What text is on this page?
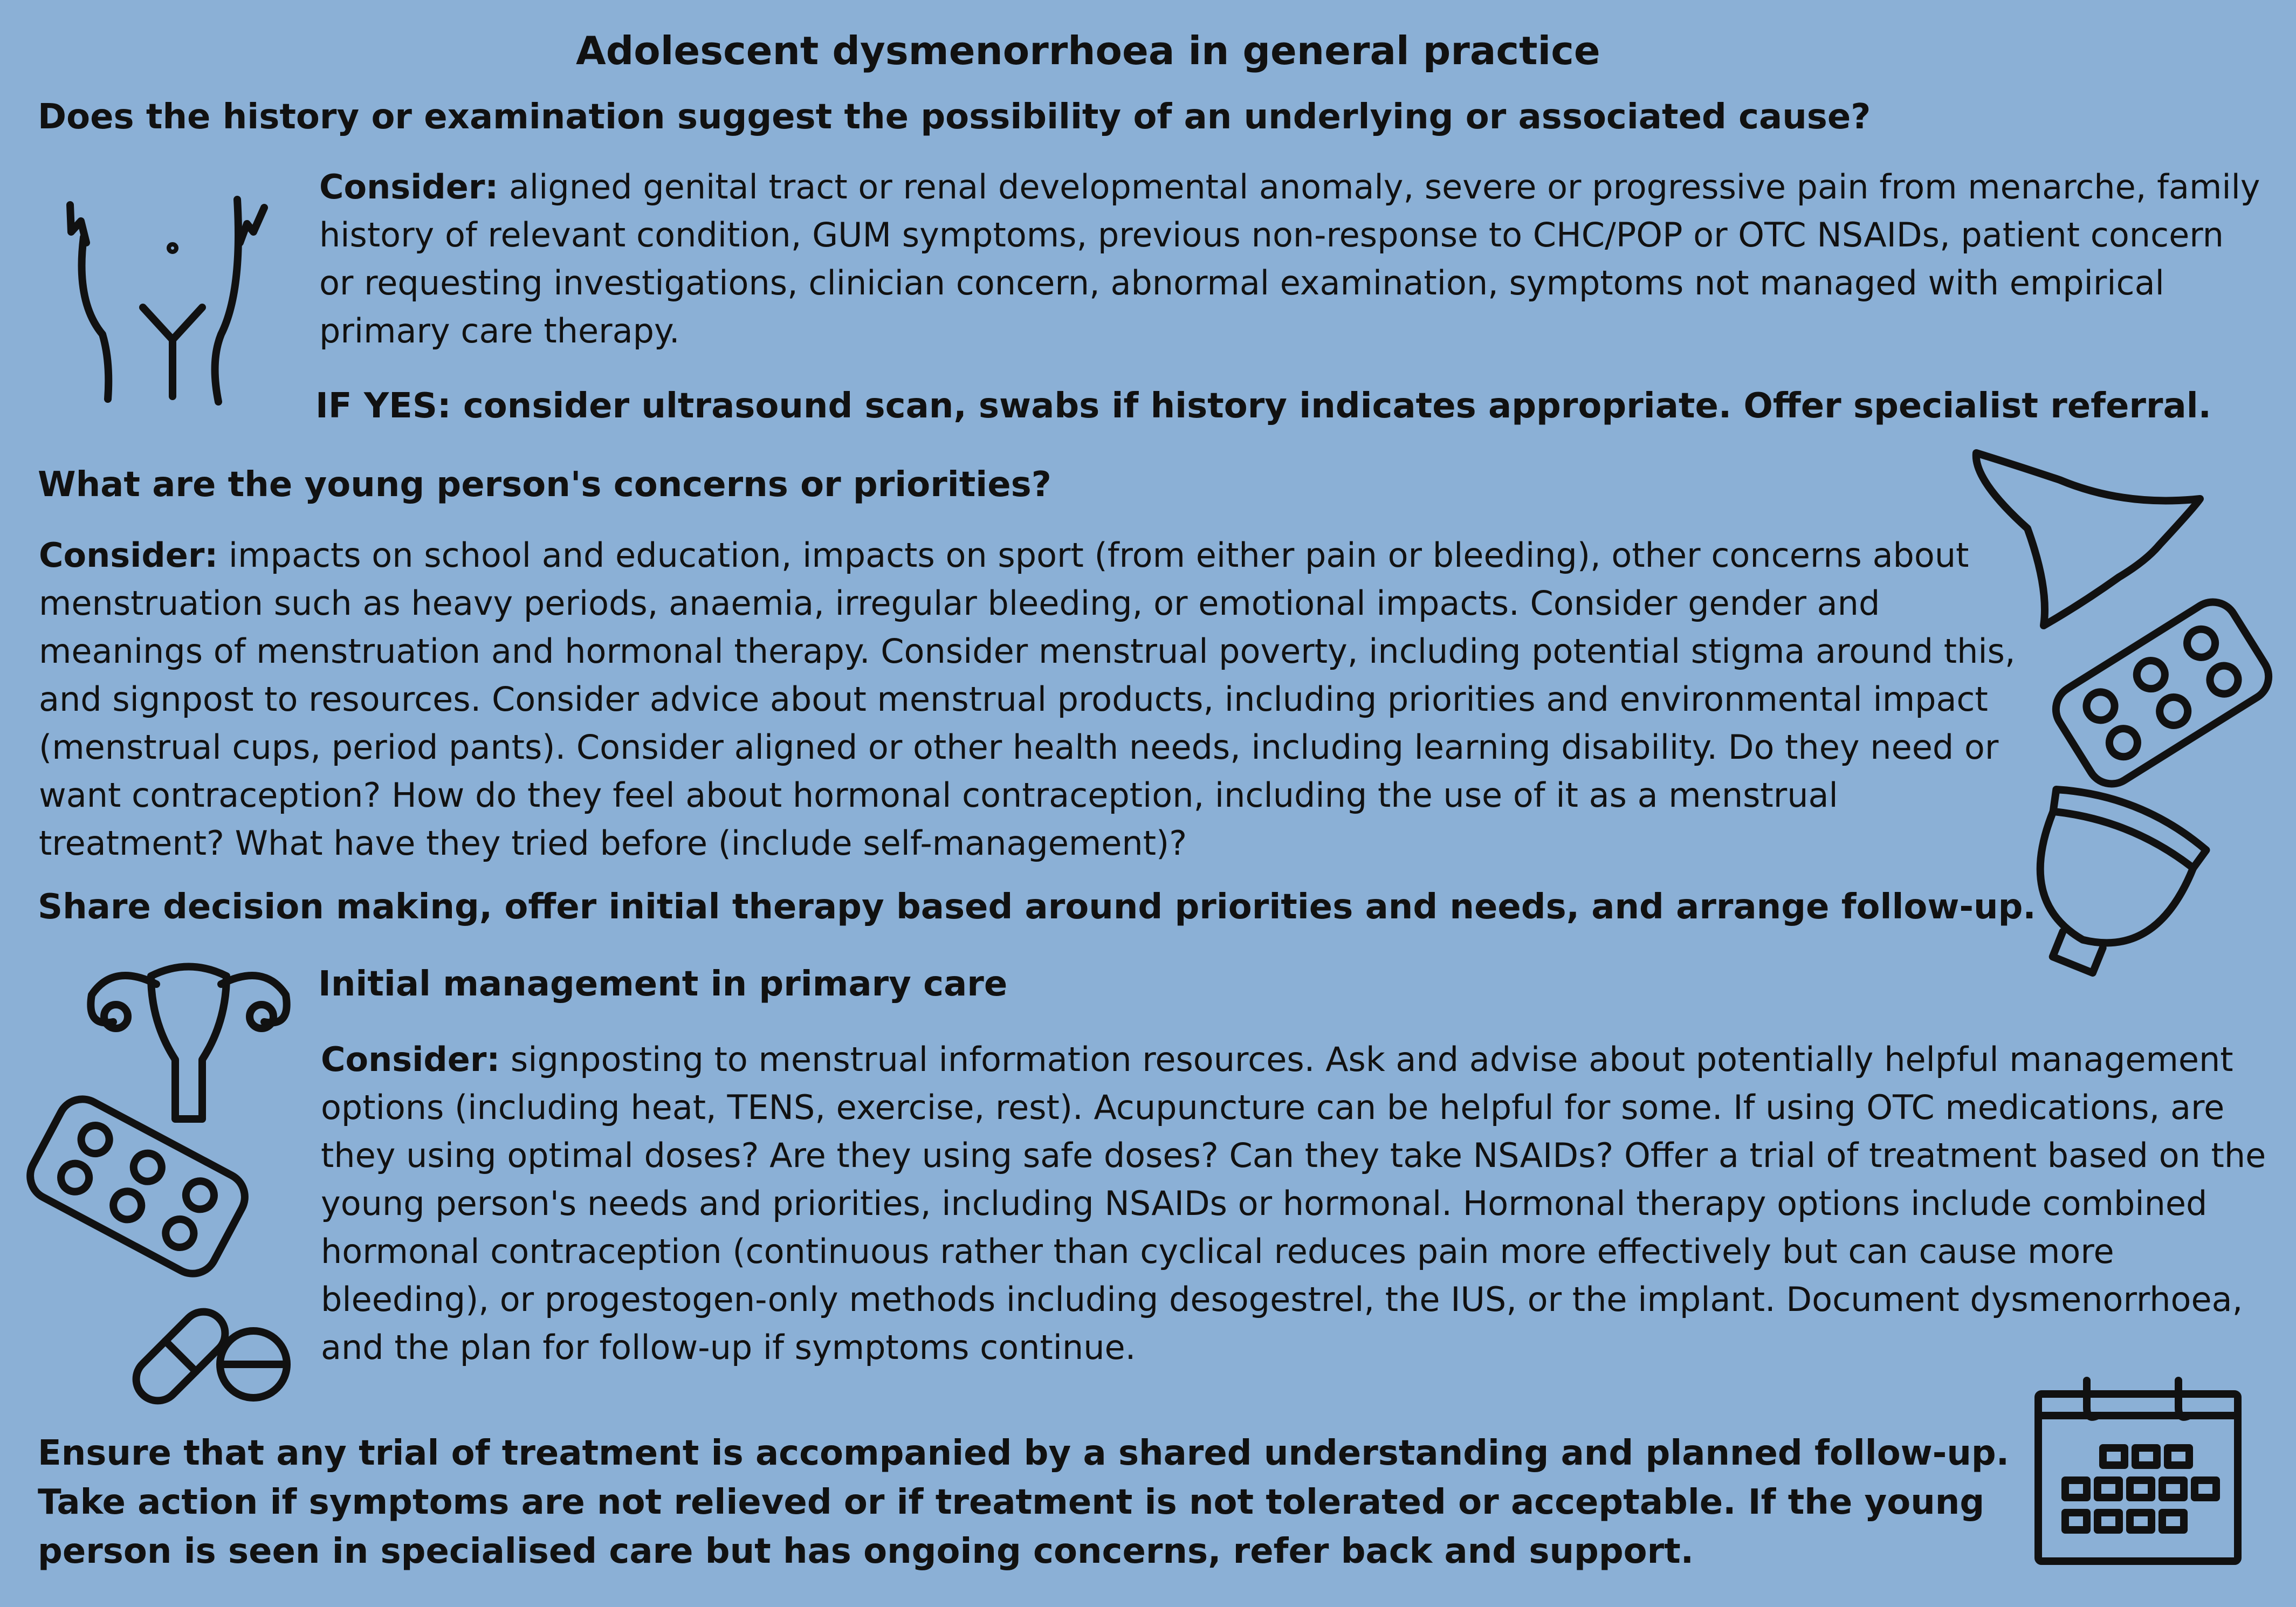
Adolescent dysmenorrhoea in general practice
Does the history or examination suggest the possibility of an underlying or associated cause?
Consider: aligned genital tract or renal developmental anomaly, severe or progressive pain from menarche, family history of relevant condition, GUM symptoms, previous non-response to CHC/POP or OTC NSAIDs, patient concern or requesting investigations, clinician concern, abnormal examination, symptoms not managed with empirical primary care therapy.
IF YES: consider ultrasound scan, swabs if history indicates appropriate. Offer specialist referral.
What are the young person's concerns or priorities?
Consider: impacts on school and education, impacts on sport (from either pain or bleeding), other concerns about menstruation such as heavy periods, anaemia, irregular bleeding, or emotional impacts. Consider gender and meanings of menstruation and hormonal therapy. Consider menstrual poverty, including potential stigma around this, and signpost to resources. Consider advice about menstrual products, including priorities and environmental impact (menstrual cups, period pants). Consider aligned or other health needs, including learning disability. Do they need or want contraception? How do they feel about hormonal contraception, including the use of it as a menstrual treatment? What have they tried before (include self-management)?
Share decision making, offer initial therapy based around priorities and needs, and arrange follow-up.
Initial management in primary care
Consider: signposting to menstrual information resources. Ask and advise about potentially helpful management options (including heat, TENS, exercise, rest). Acupuncture can be helpful for some. If using OTC medications, are they using optimal doses? Are they using safe doses? Can they take NSAIDs? Offer a trial of treatment based on the young person's needs and priorities, including NSAIDs or hormonal. Hormonal therapy options include combined hormonal contraception (continuous rather than cyclical reduces pain more effectively but can cause more bleeding), or progestogen-only methods including desogestrel, the IUS, or the implant. Document dysmenorrhoea, and the plan for follow-up if symptoms continue.
Ensure that any trial of treatment is accompanied by a shared understanding and planned follow-up. Take action if symptoms are not relieved or if treatment is not tolerated or acceptable. If the young person is seen in specialised care but has ongoing concerns, refer back and support.
